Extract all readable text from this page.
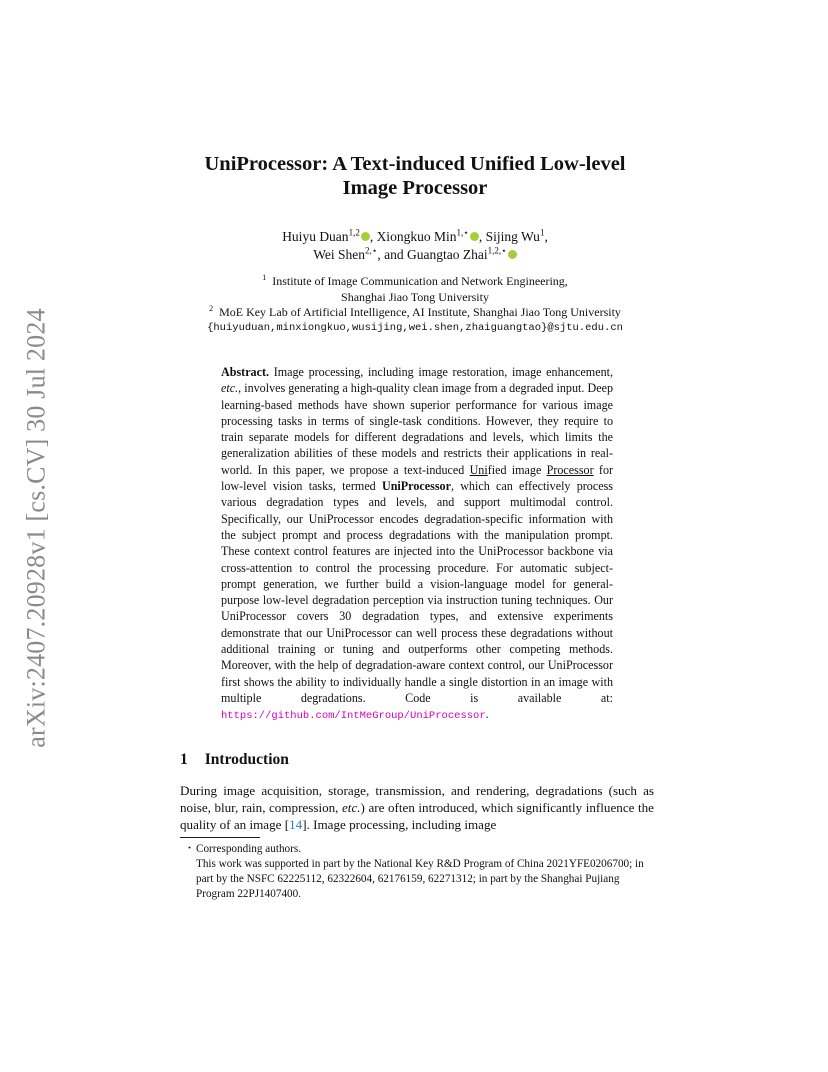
arXiv:2407.20928v1 [cs.CV] 30 Jul 2024
UniProcessor: A Text-induced Unified Low-level
Image Processor
Huiyu Duan$^{1,2}$ , Xiongkuo Min$^{1,⋆}$ , Sijing Wu$^1$,
Wei Shen$^{2,⋆}$, and Guangtao Zhai$^{1,2,⋆}$
$^1$ Institute of Image Communication and Network Engineering,
Shanghai Jiao Tong University
$^2$ MoE Key Lab of Artificial Intelligence, AI Institute, Shanghai Jiao Tong University
{huiyuduan,minxiongkuo,wusijing,wei.shen,zhaiguangtao}@sjtu.edu.cn
Abstract. Image processing, including image restoration, image enhancement, etc., involves generating a high-quality clean image from a degraded input. Deep learning-based methods have shown superior performance for various image processing tasks in terms of single-task conditions. However, they require to train separate models for different degradations and levels, which limits the generalization abilities of these models and restricts their applications in real-world. In this paper, we propose a text-induced Unified image Processor for low-level vision tasks, termed UniProcessor, which can effectively process various degradation types and levels, and support multimodal control. Specifically, our UniProcessor encodes degradation-specific information with the subject prompt and process degradations with the manipulation prompt. These context control features are injected into the UniProcessor backbone via cross-attention to control the processing procedure. For automatic subject-prompt generation, we further build a vision-language model for general-purpose low-level degradation perception via instruction tuning techniques. Our UniProcessor covers 30 degradation types, and extensive experiments demonstrate that our UniProcessor can well process these degradations without additional training or tuning and outperforms other competing methods. Moreover, with the help of degradation-aware context control, our UniProcessor first shows the ability to individually handle a single distortion in an image with multiple degradations. Code is available at: https://github.com/IntMeGroup/UniProcessor.
1 Introduction
During image acquisition, storage, transmission, and rendering, degradations (such as noise, blur, rain, compression, etc.) are often introduced, which significantly influence the quality of an image [14]. Image processing, including image
⋆ Corresponding authors.
This work was supported in part by the National Key R&D Program of China 2021YFE0206700; in part by the NSFC 62225112, 62322604, 62176159, 62271312; in part by the Shanghai Pujiang Program 22PJ1407400.
